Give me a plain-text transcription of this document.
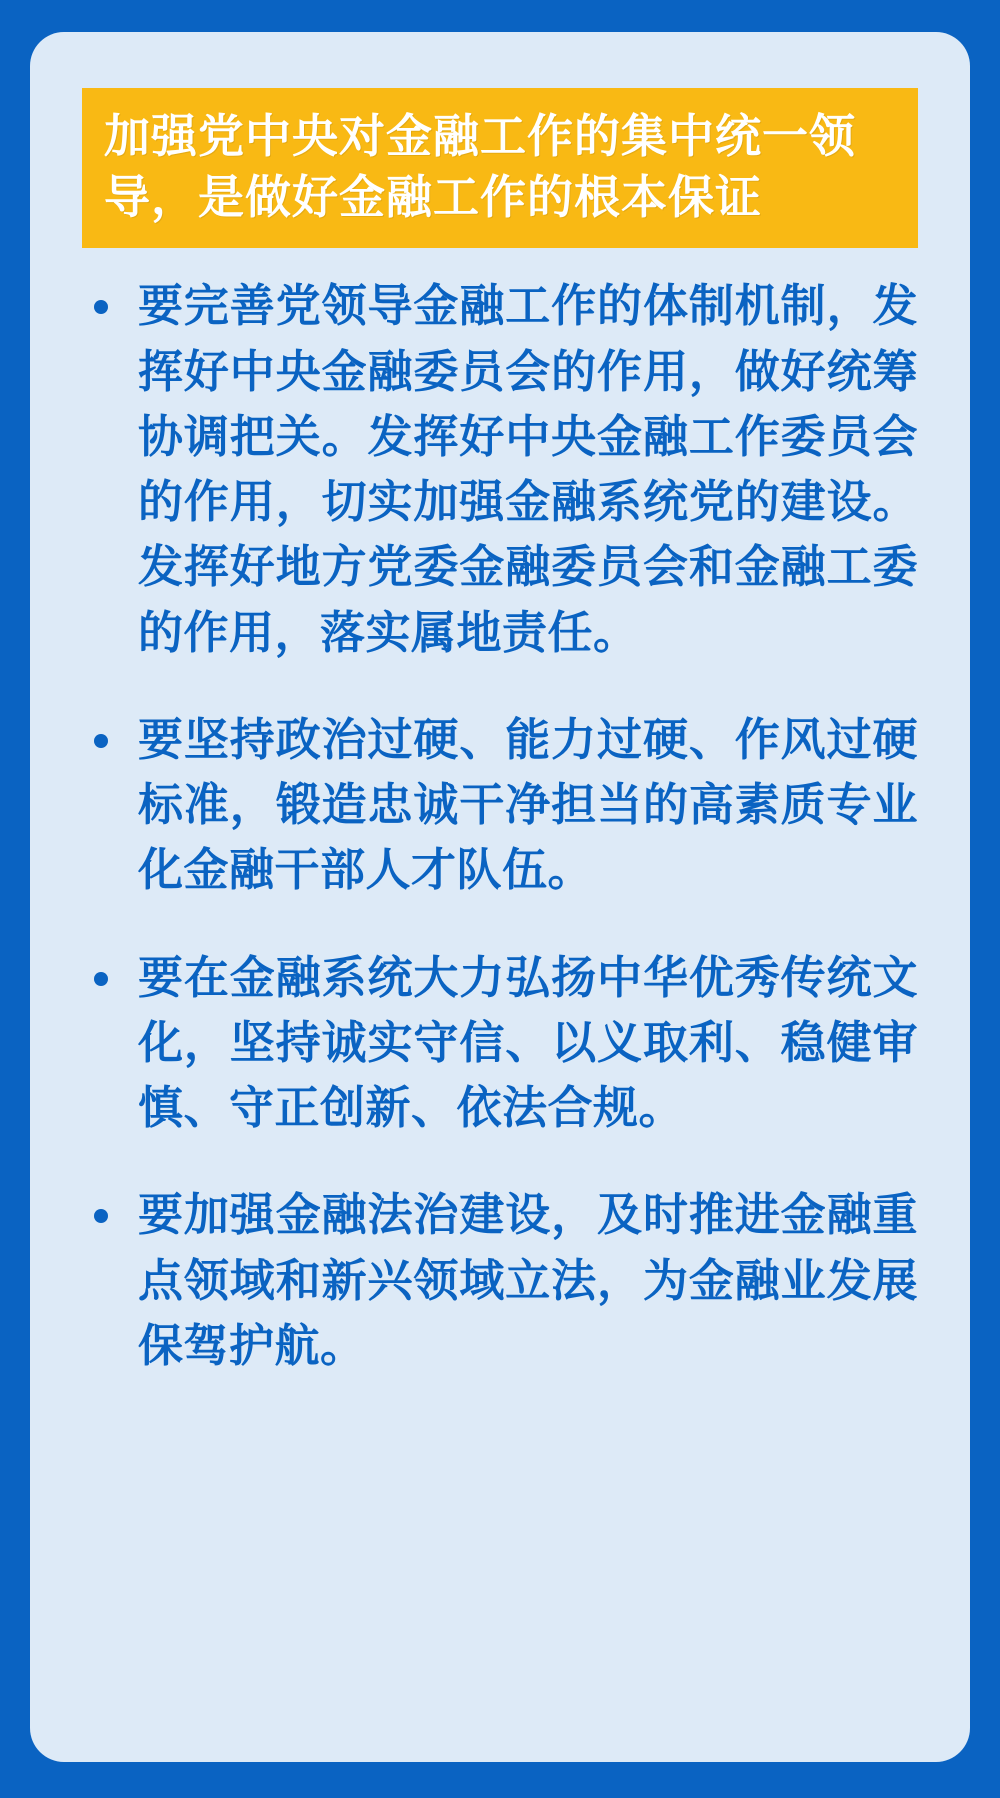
加强党中央对金融工作的集中统一领导，是做好金融工作的根本保证
要完善党领导金融工作的体制机制，发挥好中央金融委员会的作用，做好统筹协调把关。发挥好中央金融工作委员会的作用，切实加强金融系统党的建设。发挥好地方党委金融委员会和金融工委的作用，落实属地责任。
要坚持政治过硬、能力过硬、作风过硬标准，锻造忠诚干净担当的高素质专业化金融干部人才队伍。
要在金融系统大力弘扬中华优秀传统文化，坚持诚实守信、以义取利、稳健审慎、守正创新、依法合规。
要加强金融法治建设，及时推进金融重点领域和新兴领域立法，为金融业发展保驾护航。
